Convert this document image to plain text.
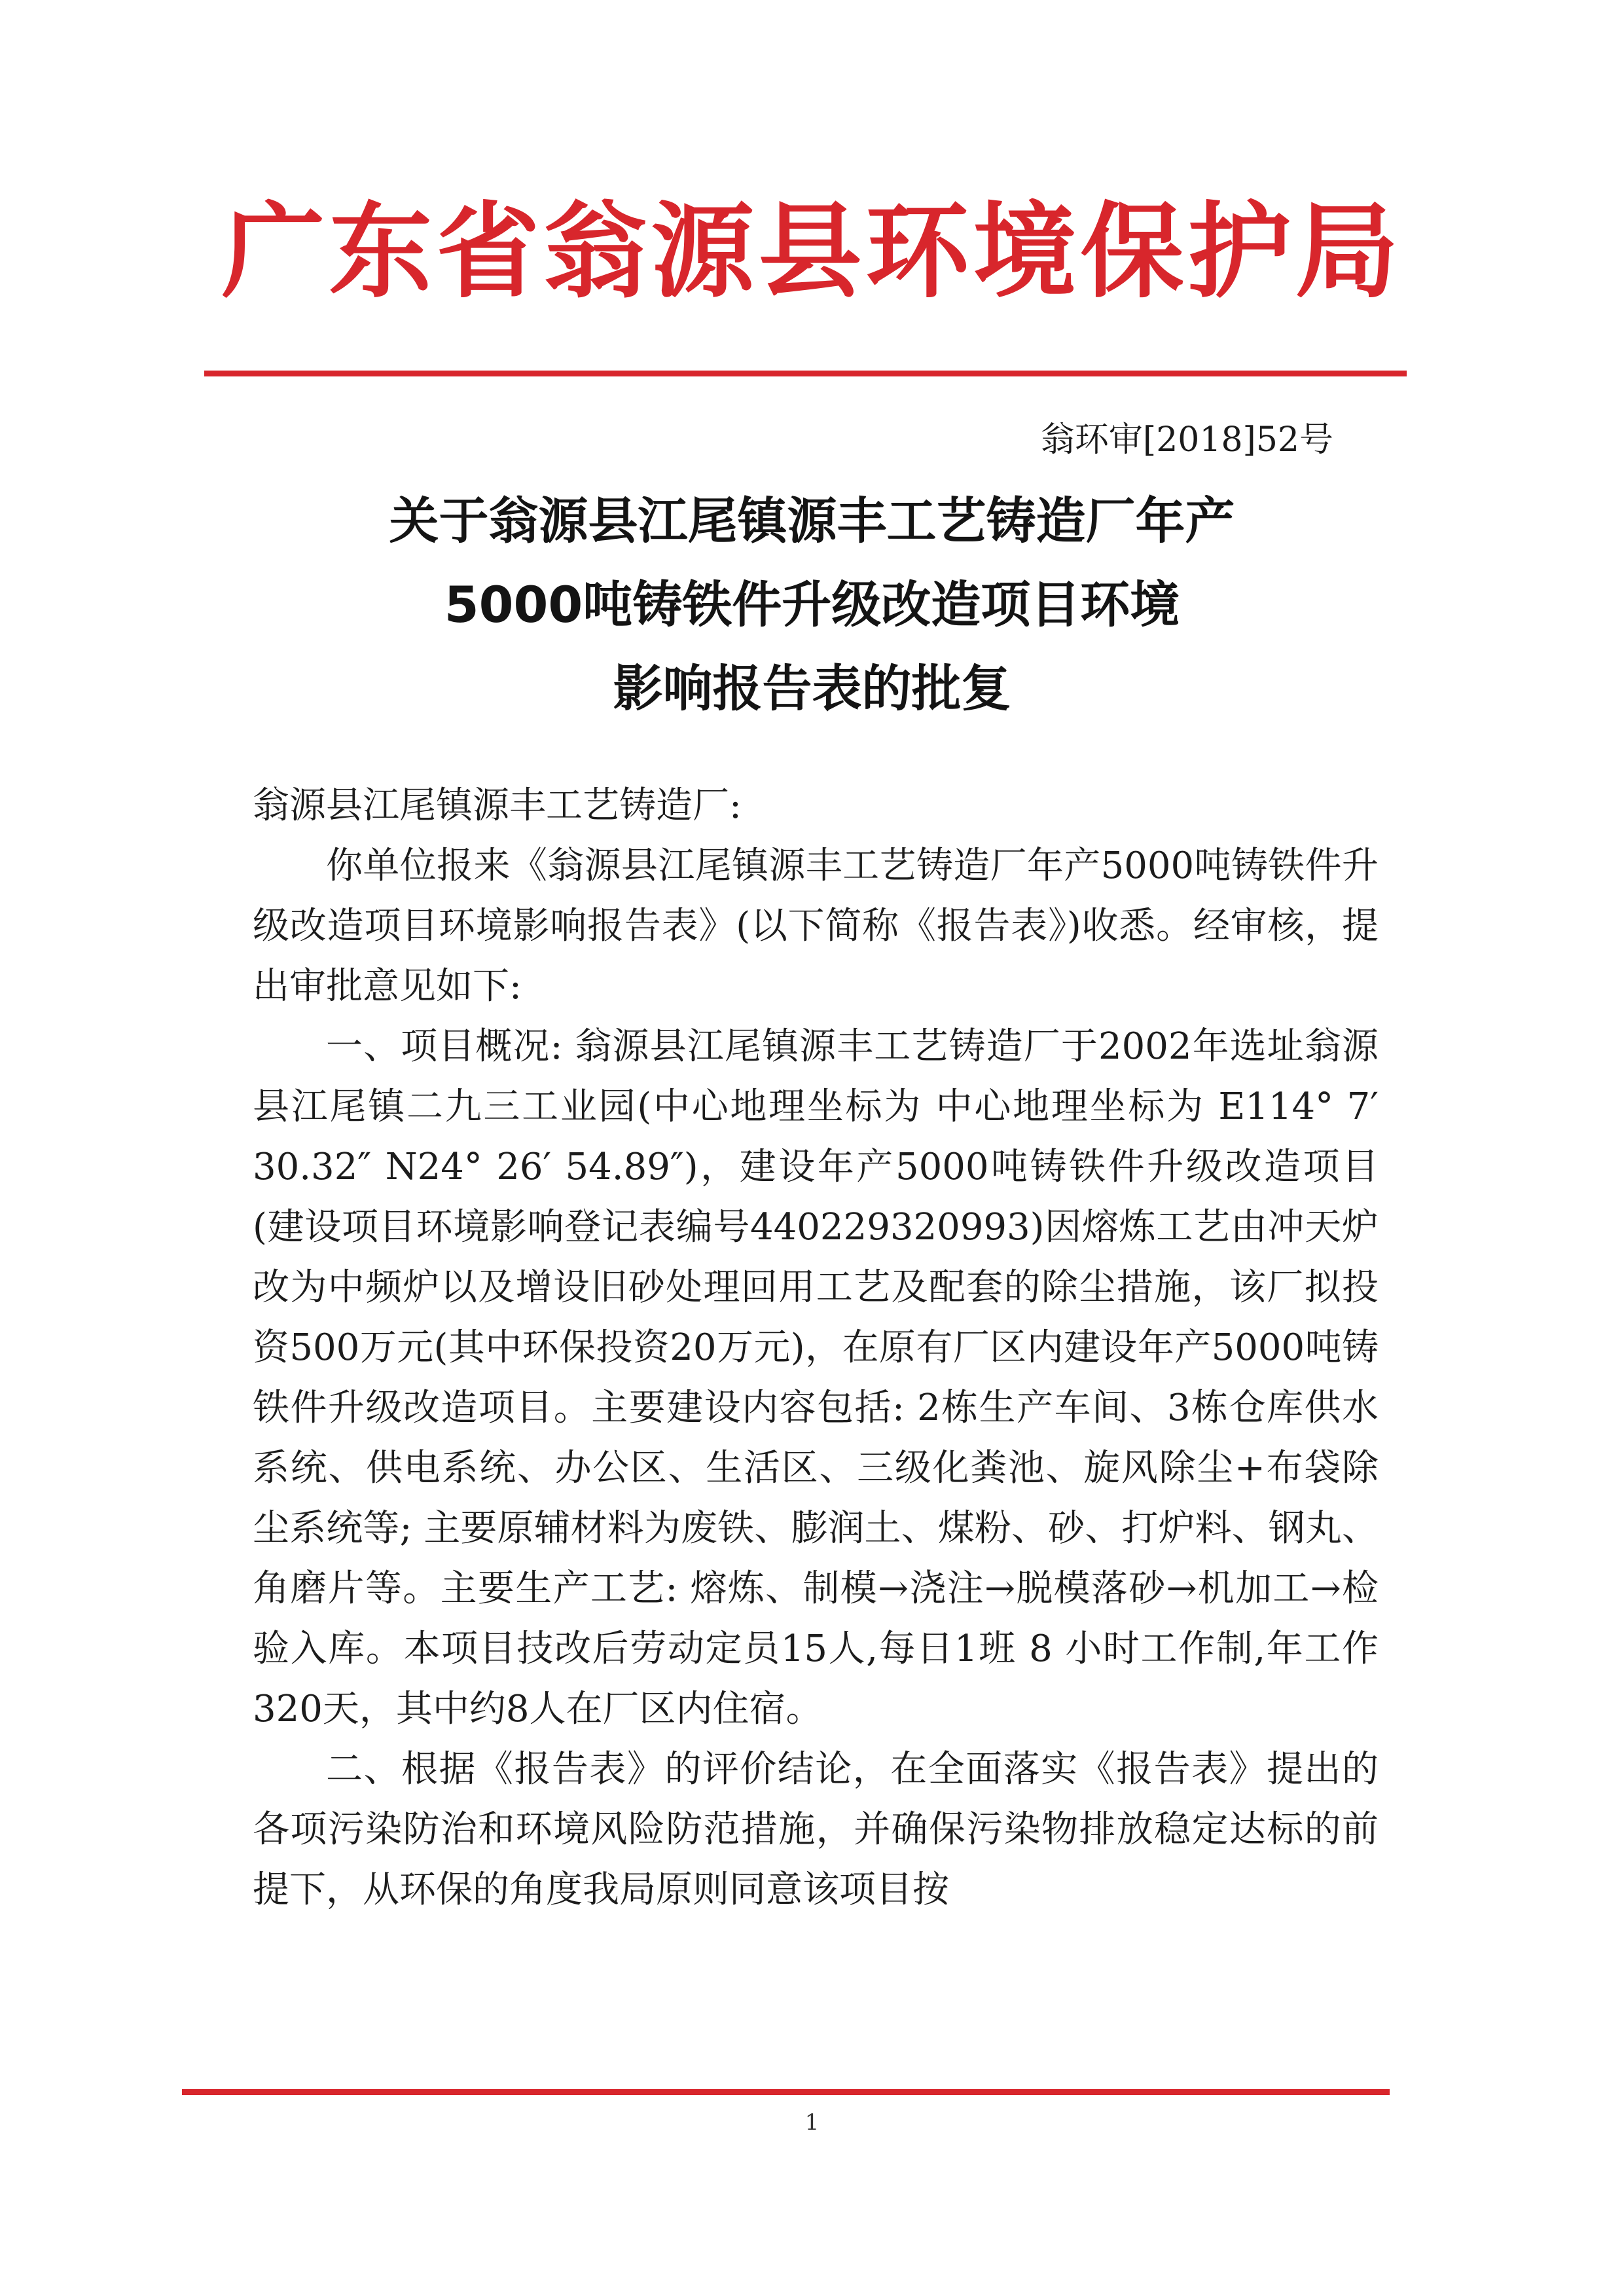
广东省翁源县环境保护局
翁环审[2018]52号
关于翁源县江尾镇源丰工艺铸造厂年产
5000吨铸铁件升级改造项目环境
影响报告表的批复

翁源县江尾镇源丰工艺铸造厂:

你单位报来《翁源县江尾镇源丰工艺铸造厂年产5000吨铸铁件升级改造项目环境影响报告表》(以下简称《报告表》)收悉。经审核，提出审批意见如下:

一、项目概况: 翁源县江尾镇源丰工艺铸造厂于2002年选址翁源县江尾镇二九三工业园(中心地理坐标为 中心地理坐标为 E114° 7′ 30.32″ N24° 26′ 54.89″)，建设年产5000吨铸铁件升级改造项目(建设项目环境影响登记表编号440229320993)因熔炼工艺由冲天炉改为中频炉以及增设旧砂处理回用工艺及配套的除尘措施，该厂拟投资500万元(其中环保投资20万元)，在原有厂区内建设年产5000吨铸铁件升级改造项目。主要建设内容包括: 2栋生产车间、3栋仓库供水系统、供电系统、办公区、生活区、三级化粪池、旋风除尘+布袋除尘系统等; 主要原辅材料为废铁、膨润土、煤粉、砂、打炉料、钢丸、角磨片等。主要生产工艺: 熔炼、制模→浇注→脱模落砂→机加工→检验入库。本项目技改后劳动定员15人,每日1班 8 小时工作制,年工作 320天，其中约8人在厂区内住宿。

二、根据《报告表》的评价结论，在全面落实《报告表》提出的各项污染防治和环境风险防范措施，并确保污染物排放稳定达标的前提下，从环保的角度我局原则同意该项目按

1
